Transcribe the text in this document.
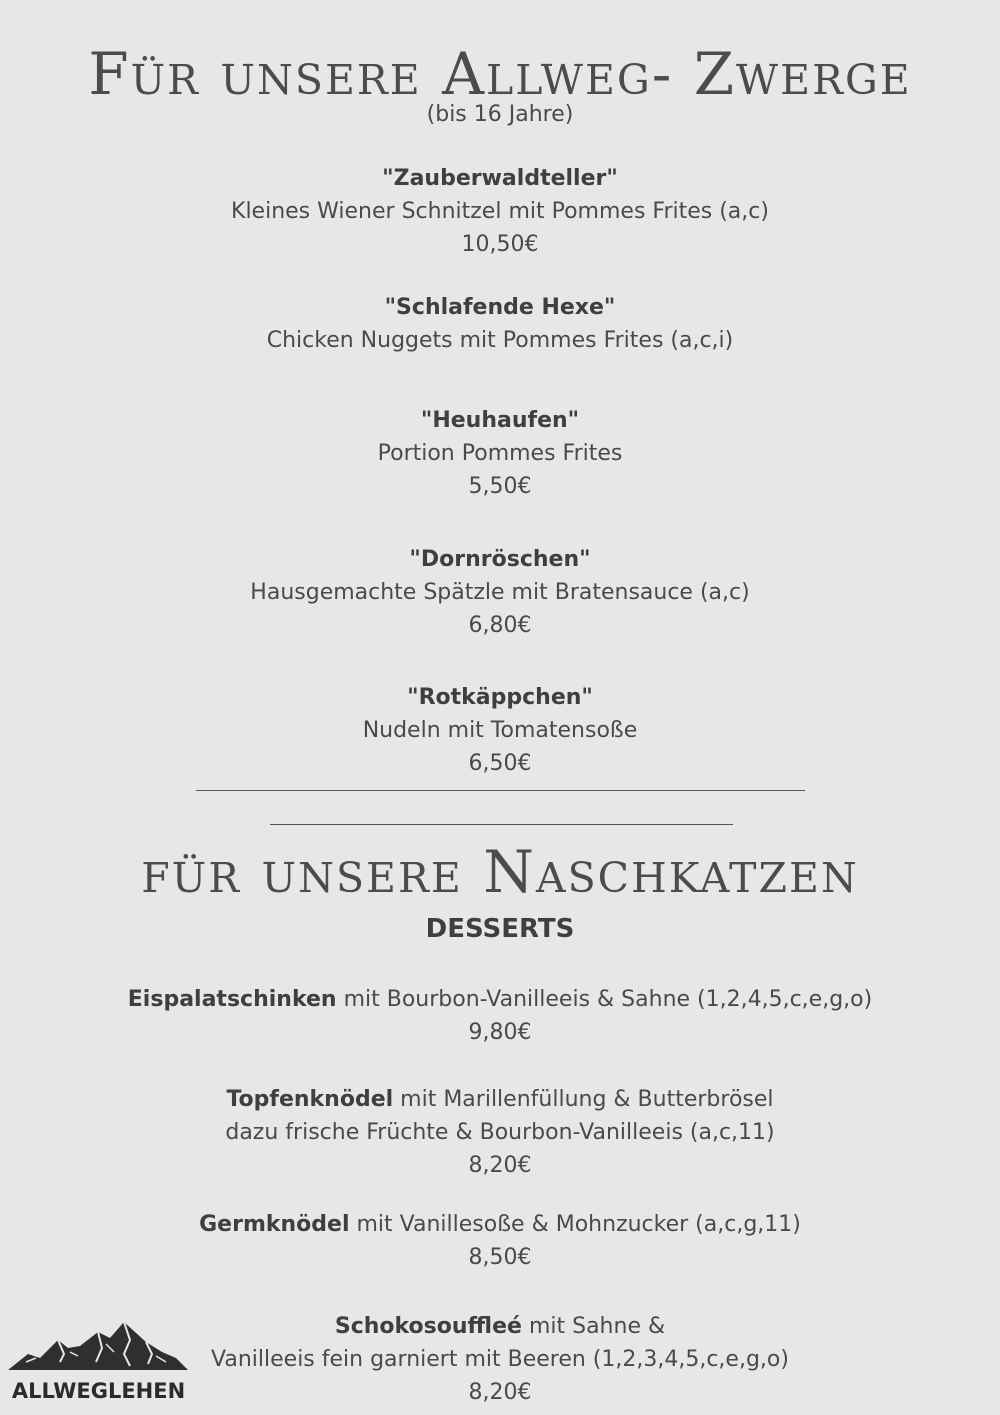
Für unsere Allweg- Zwerge
(bis 16 Jahre)
"Zauberwaldteller"
Kleines Wiener Schnitzel mit Pommes Frites (a,c)
10,50€
"Schlafende Hexe"
Chicken Nuggets mit Pommes Frites (a,c,i)
"Heuhaufen"
Portion Pommes Frites
5,50€
"Dornröschen"
Hausgemachte Spätzle mit Bratensauce (a,c)
6,80€
"Rotkäppchen"
Nudeln mit Tomatensoße
6,50€
für unsere Naschkatzen
DESSERTS
Eispalatschinken mit Bourbon-Vanilleeis & Sahne (1,2,4,5,c,e,g,o)
9,80€
Topfenknödel mit Marillenfüllung & Butterbrösel
dazu frische Früchte & Bourbon-Vanilleeis (a,c,11)
8,20€
Germknödel mit Vanillesoße & Mohnzucker (a,c,g,11)
8,50€
Schokosouffleé mit Sahne &
Vanilleeis fein garniert mit Beeren (1,2,3,4,5,c,e,g,o)
8,20€
ALLWEGLEHEN
